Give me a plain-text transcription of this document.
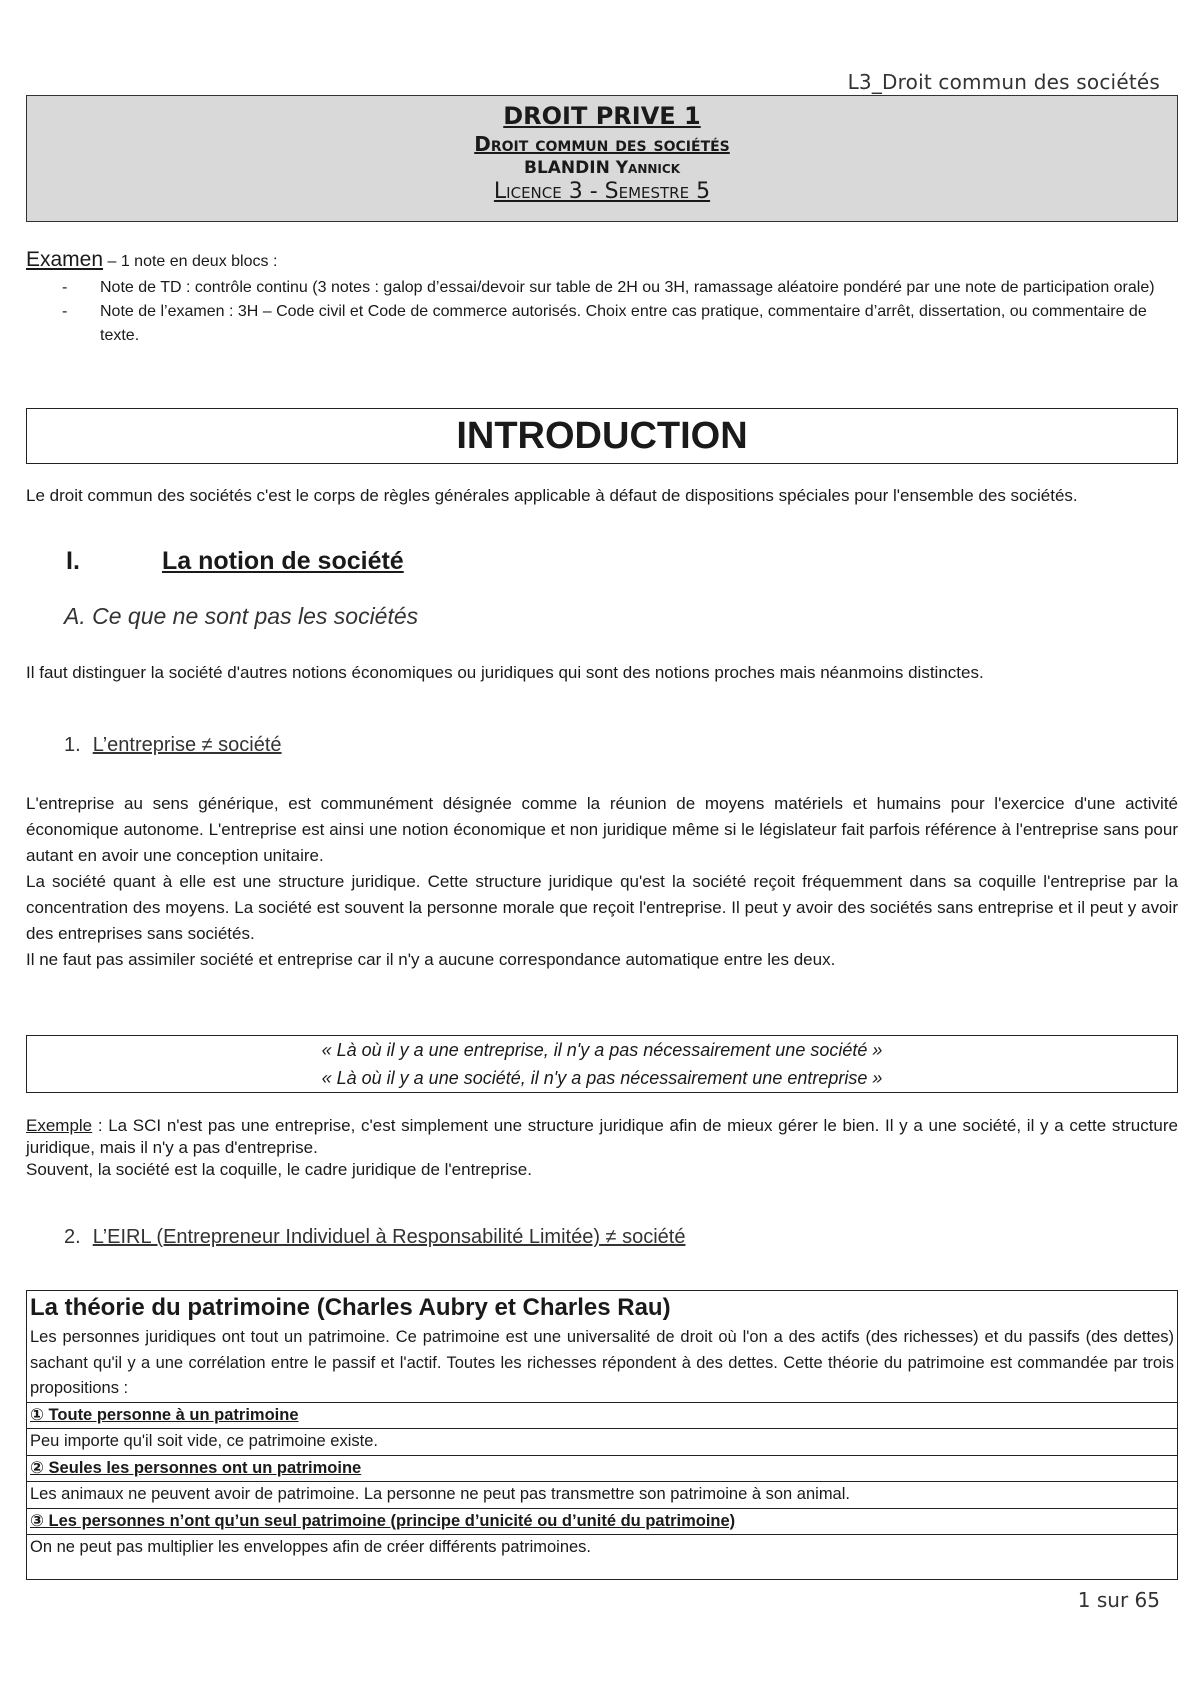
L3_Droit commun des sociétés
DROIT PRIVE 1
Droit commun des sociétés
BLANDIN Yannick
Licence 3 - Semestre 5
Examen – 1 note en deux blocs :
- Note de TD : contrôle continu (3 notes : galop d’essai/devoir sur table de 2H ou 3H, ramassage aléatoire pondéré par une note de participation orale)
- Note de l’examen : 3H – Code civil et Code de commerce autorisés. Choix entre cas pratique, commentaire d’arrêt, dissertation, ou commentaire de texte.
INTRODUCTION
Le droit commun des sociétés c'est le corps de règles générales applicable à défaut de dispositions spéciales pour l'ensemble des sociétés.
I.	La notion de société
A. Ce que ne sont pas les sociétés
Il faut distinguer la société d'autres notions économiques ou juridiques qui sont des notions proches mais néanmoins distinctes.
1. L’entreprise ≠ société
L'entreprise au sens générique, est communément désignée comme la réunion de moyens matériels et humains pour l'exercice d'une activité économique autonome. L'entreprise est ainsi une notion économique et non juridique même si le législateur fait parfois référence à l'entreprise sans pour autant en avoir une conception unitaire.
La société quant à elle est une structure juridique. Cette structure juridique qu'est la société reçoit fréquemment dans sa coquille l'entreprise par la concentration des moyens. La société est souvent la personne morale que reçoit l'entreprise. Il peut y avoir des sociétés sans entreprise et il peut y avoir des entreprises sans sociétés.
Il ne faut pas assimiler société et entreprise car il n'y a aucune correspondance automatique entre les deux.
« Là où il y a une entreprise, il n'y a pas nécessairement une société »
« Là où il y a une société, il n'y a pas nécessairement une entreprise »
Exemple : La SCI n'est pas une entreprise, c'est simplement une structure juridique afin de mieux gérer le bien. Il y a une société, il y a cette structure juridique, mais il n'y a pas d'entreprise.
Souvent, la société est la coquille, le cadre juridique de l'entreprise.
2. L’EIRL (Entrepreneur Individuel à Responsabilité Limitée) ≠ société
La théorie du patrimoine (Charles Aubry et Charles Rau)
Les personnes juridiques ont tout un patrimoine. Ce patrimoine est une universalité de droit où l'on a des actifs (des richesses) et du passifs (des dettes) sachant qu'il y a une corrélation entre le passif et l'actif. Toutes les richesses répondent à des dettes. Cette théorie du patrimoine est commandée par trois propositions :
① Toute personne à un patrimoine
Peu importe qu'il soit vide, ce patrimoine existe.
② Seules les personnes ont un patrimoine
Les animaux ne peuvent avoir de patrimoine. La personne ne peut pas transmettre son patrimoine à son animal.
③ Les personnes n’ont qu’un seul patrimoine (principe d’unicité ou d’unité du patrimoine)
On ne peut pas multiplier les enveloppes afin de créer différents patrimoines.
1 sur 65
